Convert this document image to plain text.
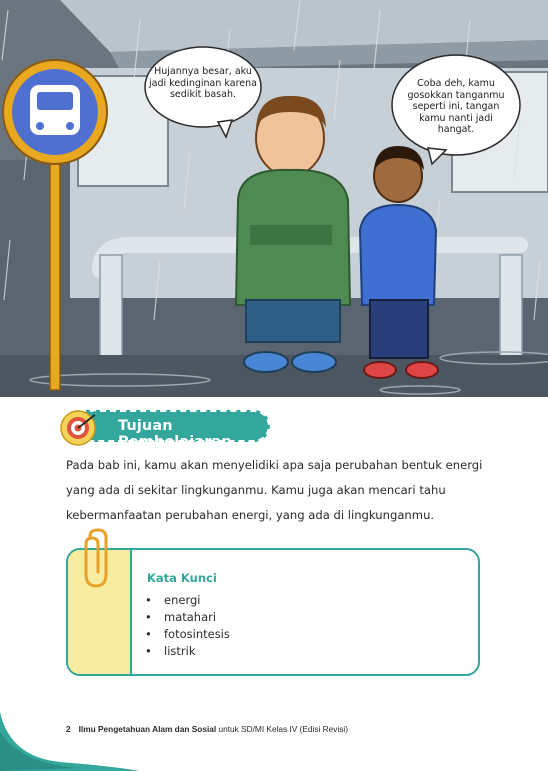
Hujannya besar, aku
jadi kedinginan karena
sedikit basah.
Coba deh, kamu
gosokkan tanganmu
seperti ini, tangan
kamu nanti jadi
hangat.
Tujuan Pembelajaran

Pada bab ini, kamu akan menyelidiki apa saja perubahan bentuk energi yang ada di sekitar lingkunganmu. Kamu juga akan mencari tahu kebermanfaatan perubahan energi, yang ada di lingkunganmu.

Kata Kunci
• energi
• matahari
• fotosintesis
• listrik
2 Ilmu Pengetahuan Alam dan Sosial untuk SD/MI Kelas IV (Edisi Revisi)
